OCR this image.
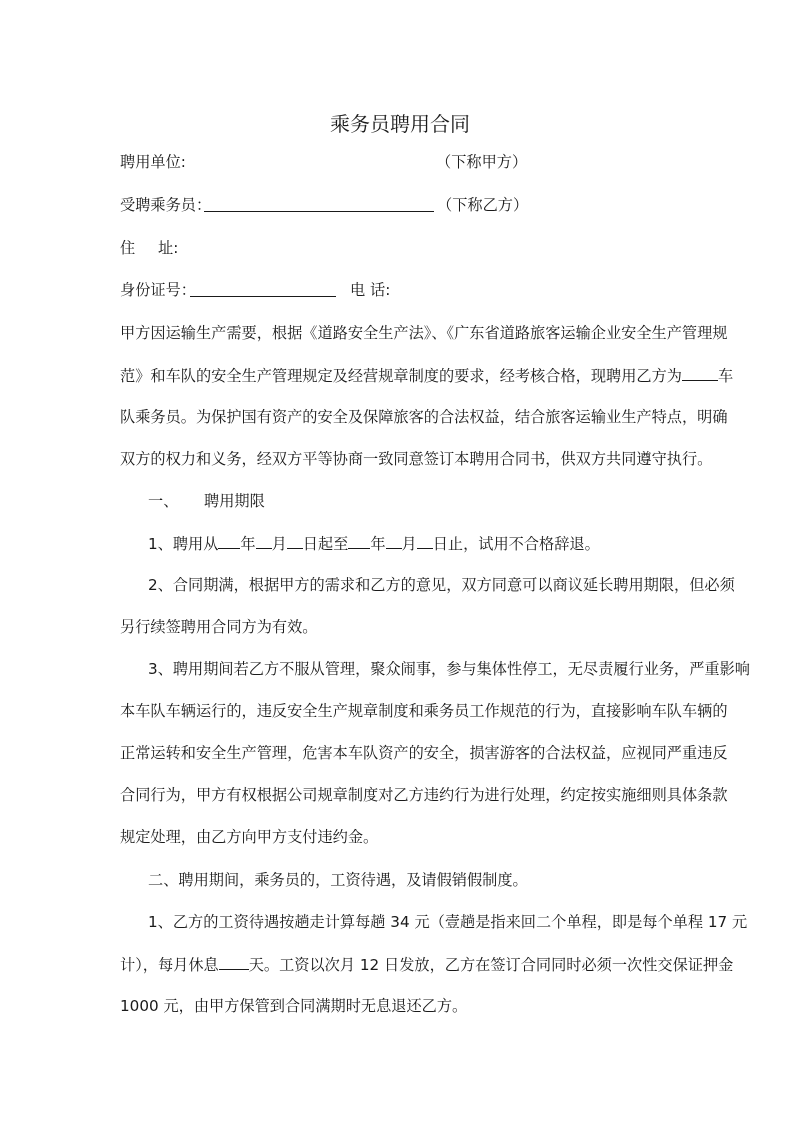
乘务员聘用合同
聘用单位:	（下称甲方）
受聘乘务员：	（下称乙方）
住 址:
身份证号：	电 话:
甲方因运输生产需要，根据《道路安全生产法》、《广东省道路旅客运输企业安全生产管理规
范》和车队的安全生产管理规定及经营规章制度的要求，经考核合格，现聘用乙方为 车
队乘务员。为保护国有资产的安全及保障旅客的合法权益，结合旅客运输业生产特点，明确
双方的权力和义务，经双方平等协商一致同意签订本聘用合同书，供双方共同遵守执行。
一、 聘用期限
1、聘用从 年 月 日起至 年 月 日止，试用不合格辞退。
2、合同期满，根据甲方的需求和乙方的意见，双方同意可以商议延长聘用期限，但必须
另行续签聘用合同方为有效。
3、聘用期间若乙方不服从管理，聚众闹事，参与集体性停工，无尽责履行业务，严重影响
本车队车辆运行的，违反安全生产规章制度和乘务员工作规范的行为，直接影响车队车辆的
正常运转和安全生产管理，危害本车队资产的安全，损害游客的合法权益，应视同严重违反
合同行为，甲方有权根据公司规章制度对乙方违约行为进行处理，约定按实施细则具体条款
规定处理，由乙方向甲方支付违约金。
二、聘用期间，乘务员的，工资待遇，及请假销假制度。
1、乙方的工资待遇按趟走计算每趟 34 元（壹趟是指来回二个单程，即是每个单程 17 元
计），每月休息 天。工资以次月 12 日发放，乙方在签订合同同时必须一次性交保证押金
1000 元，由甲方保管到合同满期时无息退还乙方。
